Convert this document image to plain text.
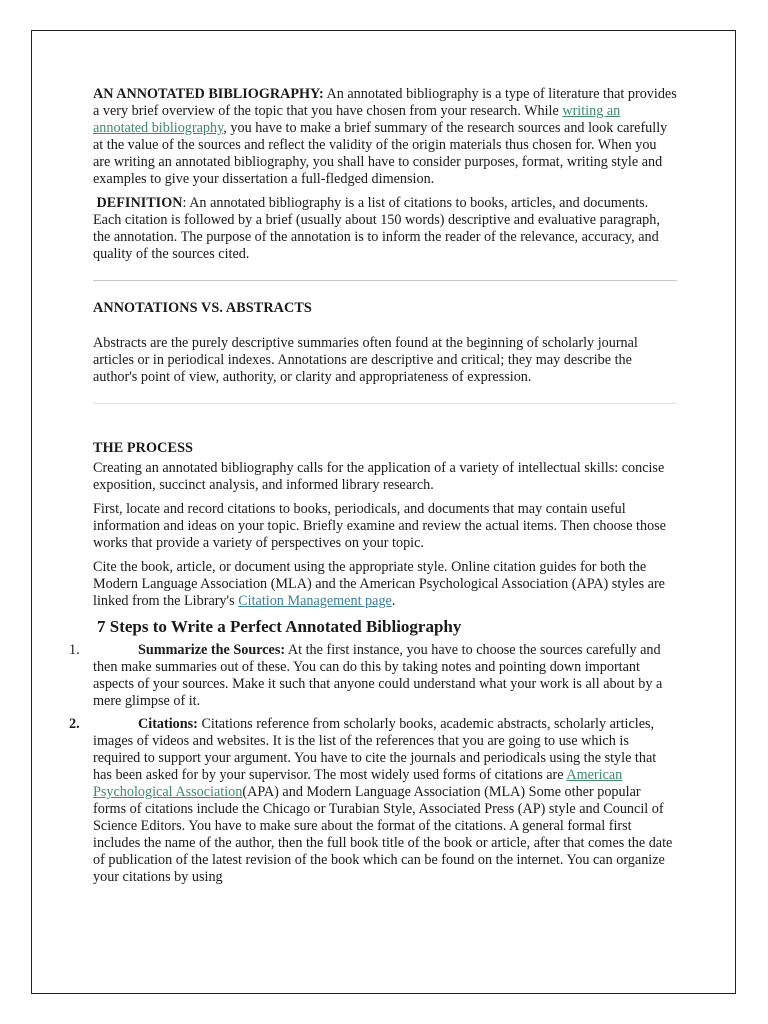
AN ANNOTATED BIBLIOGRAPHY: An annotated bibliography is a type of literature that provides a very brief overview of the topic that you have chosen from your research. While writing an annotated bibliography, you have to make a brief summary of the research sources and look carefully at the value of the sources and reflect the validity of the origin materials thus chosen for. When you are writing an annotated bibliography, you shall have to consider purposes, format, writing style and examples to give your dissertation a full-fledged dimension.

DEFINITION: An annotated bibliography is a list of citations to books, articles, and documents. Each citation is followed by a brief (usually about 150 words) descriptive and evaluative paragraph, the annotation. The purpose of the annotation is to inform the reader of the relevance, accuracy, and quality of the sources cited.

ANNOTATIONS VS. ABSTRACTS

Abstracts are the purely descriptive summaries often found at the beginning of scholarly journal articles or in periodical indexes. Annotations are descriptive and critical; they may describe the author's point of view, authority, or clarity and appropriateness of expression.

THE PROCESS

Creating an annotated bibliography calls for the application of a variety of intellectual skills: concise exposition, succinct analysis, and informed library research.

First, locate and record citations to books, periodicals, and documents that may contain useful information and ideas on your topic. Briefly examine and review the actual items. Then choose those works that provide a variety of perspectives on your topic.

Cite the book, article, or document using the appropriate style. Online citation guides for both the Modern Language Association (MLA) and the American Psychological Association (APA) styles are linked from the Library's Citation Management page.

7 Steps to Write a Perfect Annotated Bibliography

1.	Summarize the Sources: At the first instance, you have to choose the sources carefully and then make summaries out of these. You can do this by taking notes and pointing down important aspects of your sources. Make it such that anyone could understand what your work is all about by a mere glimpse of it.

2.	Citations: Citations reference from scholarly books, academic abstracts, scholarly articles, images of videos and websites. It is the list of the references that you are going to use which is required to support your argument. You have to cite the journals and periodicals using the style that has been asked for by your supervisor. The most widely used forms of citations are American Psychological Association(APA) and Modern Language Association (MLA) Some other popular forms of citations include the Chicago or Turabian Style, Associated Press (AP) style and Council of Science Editors. You have to make sure about the format of the citations. A general formal first includes the name of the author, then the full book title of the book or article, after that comes the date of publication of the latest revision of the book which can be found on the internet. You can organize your citations by using
